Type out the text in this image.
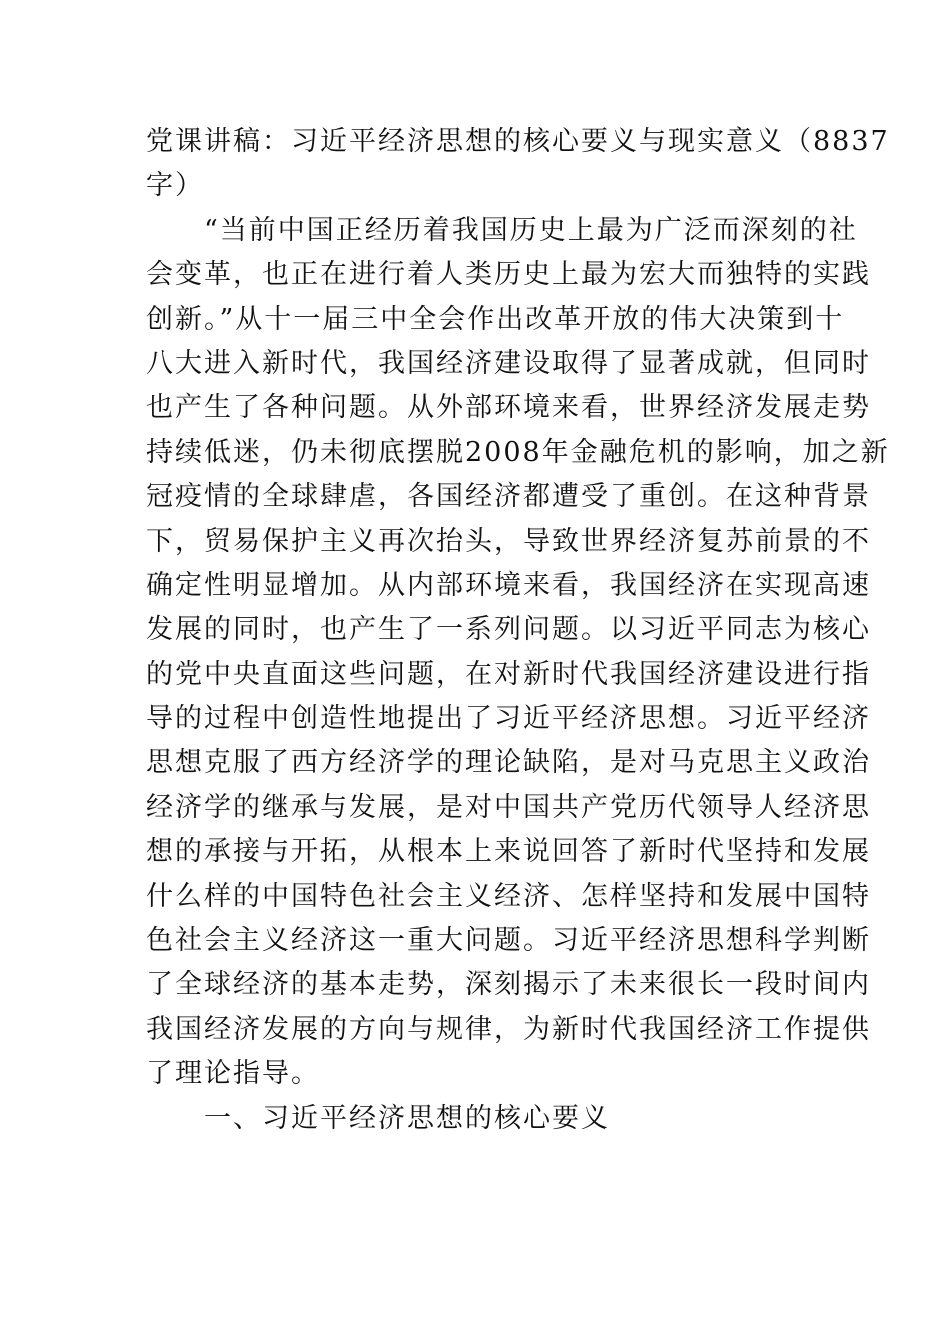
党课讲稿：习近平经济思想的核心要义与现实意义（8837
字）
“当前中国正经历着我国历史上最为广泛而深刻的社
会变革，也正在进行着人类历史上最为宏大而独特的实践
创新。”从十一届三中全会作出改革开放的伟大决策到十
八大进入新时代，我国经济建设取得了显著成就，但同时
也产生了各种问题。从外部环境来看，世界经济发展走势
持续低迷，仍未彻底摆脱2008年金融危机的影响，加之新
冠疫情的全球肆虐，各国经济都遭受了重创。在这种背景
下，贸易保护主义再次抬头，导致世界经济复苏前景的不
确定性明显增加。从内部环境来看，我国经济在实现高速
发展的同时，也产生了一系列问题。以习近平同志为核心
的党中央直面这些问题，在对新时代我国经济建设进行指
导的过程中创造性地提出了习近平经济思想。习近平经济
思想克服了西方经济学的理论缺陷，是对马克思主义政治
经济学的继承与发展，是对中国共产党历代领导人经济思
想的承接与开拓，从根本上来说回答了新时代坚持和发展
什么样的中国特色社会主义经济、怎样坚持和发展中国特
色社会主义经济这一重大问题。习近平经济思想科学判断
了全球经济的基本走势，深刻揭示了未来很长一段时间内
我国经济发展的方向与规律，为新时代我国经济工作提供
了理论指导。
一、习近平经济思想的核心要义
